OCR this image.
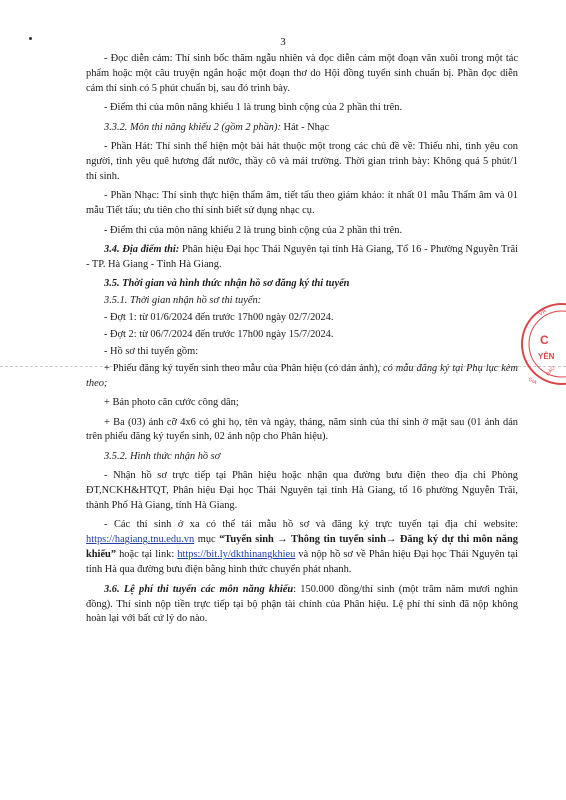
3
VÀ
C
YÊN
ĐÀO
GIA

- Đọc diễn cảm: Thí sinh bốc thăm ngẫu nhiên và đọc diễn cảm một đoạn văn xuôi trong một tác phẩm hoặc một câu truyện ngắn hoặc một đoạn thơ do Hội đồng tuyển sinh chuẩn bị. Phần đọc diễn cảm thí sinh có 5 phút chuẩn bị, sau đó trình bày.

- Điểm thi của môn năng khiếu 1 là trung bình cộng của 2 phần thi trên.

3.3.2. Môn thi năng khiếu 2 (gồm 2 phần): Hát - Nhạc

- Phần Hát: Thí sinh thể hiện một bài hát thuộc một trong các chủ đề về: Thiếu nhi, tình yêu con người, tình yêu quê hương đất nước, thầy cô và mái trường. Thời gian trình bày: Không quá 5 phút/1 thí sinh.

- Phần Nhạc: Thí sinh thực hiện thẩm âm, tiết tấu theo giám khảo: ít nhất 01 mẫu Thẩm âm và 01 mẫu Tiết tấu; ưu tiên cho thí sinh biết sử dụng nhạc cụ.

- Điểm thi của môn năng khiếu 2 là trung bình cộng của 2 phần thi trên.

3.4. Địa điểm thi: Phân hiệu Đại học Thái Nguyên tại tỉnh Hà Giang, Tổ 16 - Phường Nguyễn Trãi - TP. Hà Giang - Tỉnh Hà Giang.

3.5. Thời gian và hình thức nhận hồ sơ đăng ký thi tuyển

3.5.1. Thời gian nhận hồ sơ thi tuyển:

- Đợt 1: từ 01/6/2024 đến trước 17h00 ngày 02/7/2024.

- Đợt 2: từ 06/7/2024 đến trước 17h00 ngày 15/7/2024.

- Hồ sơ thi tuyển gồm:

+ Phiếu đăng ký tuyển sinh theo mẫu của Phân hiệu (có dán ảnh), có mẫu đăng ký tại Phụ lục kèm theo;

+ Bản photo căn cước công dân;

+ Ba (03) ảnh cỡ 4x6 có ghi họ, tên và ngày, tháng, năm sinh của thí sinh ở mặt sau (01 ảnh dán trên phiếu đăng ký tuyển sinh, 02 ảnh nộp cho Phân hiệu).

3.5.2. Hình thức nhận hồ sơ

- Nhận hồ sơ trực tiếp tại Phân hiệu hoặc nhận qua đường bưu điện theo địa chỉ Phòng ĐT,NCKH&HTQT, Phân hiệu Đại học Thái Nguyên tại tỉnh Hà Giang, tổ 16 phường Nguyễn Trãi, thành Phố Hà Giang, tỉnh Hà Giang.

- Các thí sinh ở xa có thể tải mẫu hồ sơ và đăng ký trực tuyến tại địa chỉ website: https://hagiang.tnu.edu.vn mục “Tuyển sinh → Thông tin tuyển sinh→ Đăng ký dự thi môn năng khiếu” hoặc tại link: https://bit.ly/dkthinangkhieu và nộp hồ sơ về Phân hiệu Đại học Thái Nguyên tại tỉnh Hà qua đường bưu điện bằng hình thức chuyển phát nhanh.

3.6. Lệ phí thi tuyển các môn năng khiếu: 150.000 đồng/thí sinh (một trăm năm mươi nghìn đồng). Thí sinh nộp tiền trực tiếp tại bộ phận tài chính của Phân hiệu. Lệ phí thí sinh đã nộp không hoàn lại với bất cứ lý do nào.
